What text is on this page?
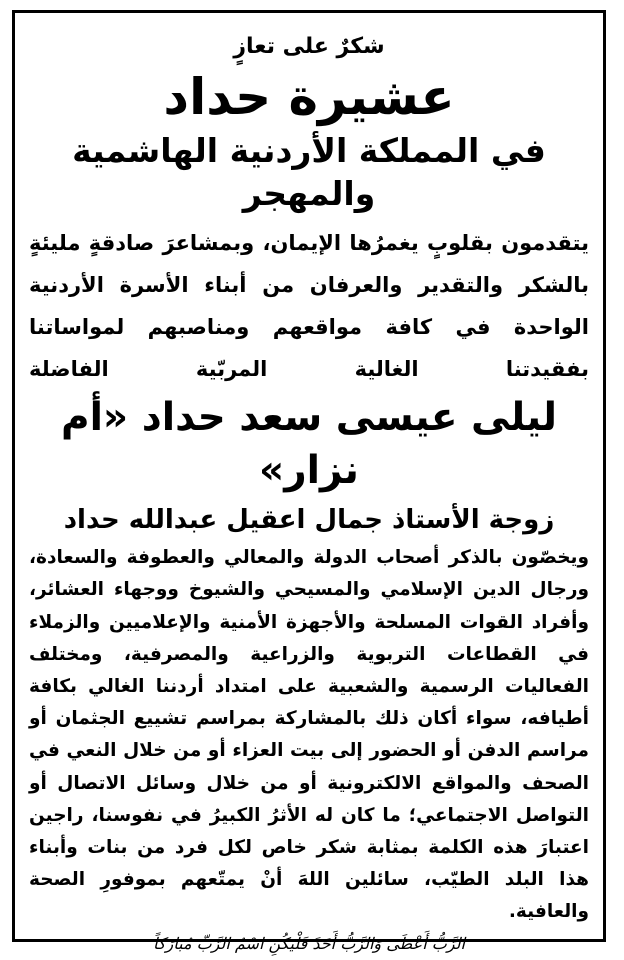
شكرٌ على تعازٍ
عشيرة حداد
في المملكة الأردنية الهاشمية والمهجر
يتقدمون بقلوبٍ يغمرُها الإيمان، وبمشاعرَ صادقةٍ مليئةٍ بالشكر والتقدير والعرفان من أبناء الأسرة الأردنية الواحدة في كافة مواقعهم ومناصبهم لمواساتنا بفقيدتنا الغالية المربّية الفاضلة
ليلى عيسى سعد حداد «أم نزار»
زوجة الأستاذ جمال اعقيل عبدالله حداد
ويخصّون بالذكر أصحاب الدولة والمعالي والعطوفة والسعادة، ورجال الدين الإسلامي والمسيحي والشيوخ ووجهاء العشائر، وأفراد القوات المسلحة والأجهزة الأمنية والإعلاميين والزملاء في القطاعات التربوية والزراعية والمصرفية، ومختلف الفعاليات الرسمية والشعبية على امتداد أردننا الغالي بكافة أطيافه، سواء أكان ذلك بالمشاركة بمراسم تشييع الجثمان أو مراسم الدفن أو الحضور إلى بيت العزاء أو من خلال النعي في الصحف والمواقع الالكترونية أو من خلال وسائل الاتصال أو التواصل الاجتماعي؛ ما كان له الأثرُ الكبيرُ في نفوسنا، راجين اعتبارَ هذه الكلمة بمثابة شكر خاص لكل فرد من بنات وأبناء هذا البلد الطيّب، سائلين اللهَ أنْ يمتّعهم بموفورِ الصحة والعافية.
الرَّبُّ أَعْطَى وَالرَّبُّ أَخَذَ فَلْيَكُنِ اسْمُ الرَّبِّ مُبَارَكاً
